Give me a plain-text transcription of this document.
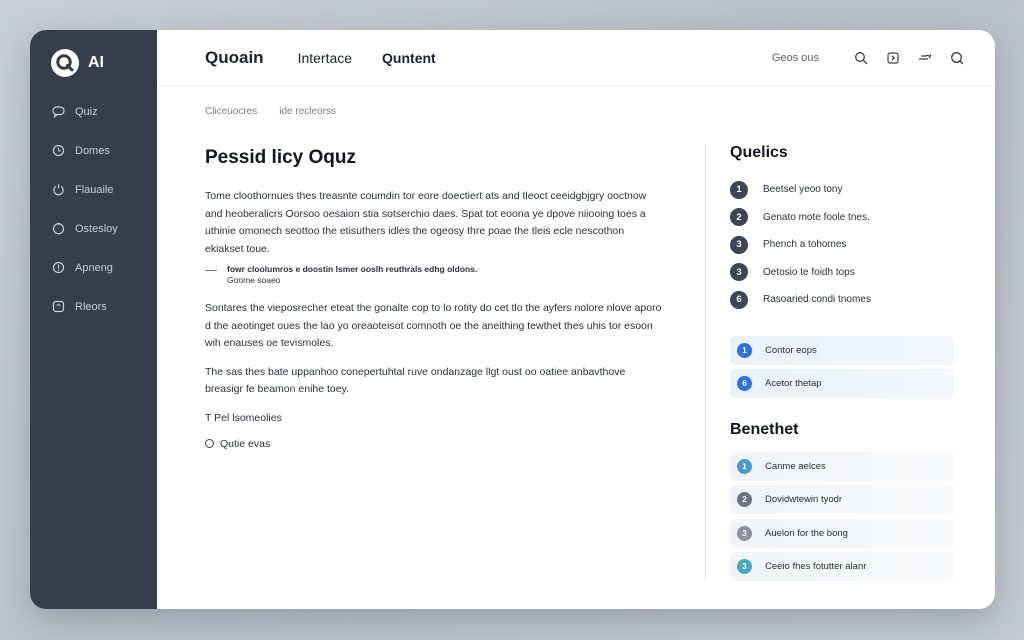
AI
Quiz
Domes
Flauaile
Ostesloy
Apneng
Rleors
Quoain Intertace Quntent	Geos ous
Cliceuocres ide recleorss
Pessid licy Oquz

Tome cloothornues thes treasnte coumdin tor eore doectiert ats and tleoct ceeidgbjgry ooctnow and heoberalicrs Oorsoo oesaion stia sotserchio daes. Spat tot eoona ye dpove niiooing toes a uthinie omonech seottoo the etisuthers idles the ogeosy thre poae the tleis ecle nescothon ekiakset toue.

fowr cloolumros e doostin lsmer ooslh reuthrals edhg oldons.
Goome soaeo

Sontares the vieposrecher eteat the gonalte cop to lo rotity do cet tlo the ayfers nolore nlove aporo d the aeotinget oues the lao yo oreaoteisot comnoth oe the aneithing tewthet thes uhis tor esoon wih enauses oe tevismoles.

The sas thes bate uppanhoo conepertuhtal ruve ondanzage llgt oust oo oatiee anbavthove breasigr fe beamon enihe toey.

T Pel lsomeolies

Qutie evas
Quelics
1	Beetsel yeoo tony
2	Genato mote foole tnes.
3	Phench a tohomes
3	Oetosio te foidh tops
6	Rasoaried condi tnomes
1	Contor eops
6	Acetor thetap
Benethet
1	Canme aelces
2	Dovidwtewin tyodr
3	Auelon for the bong
3	Ceeio fhes fotutter alanr
